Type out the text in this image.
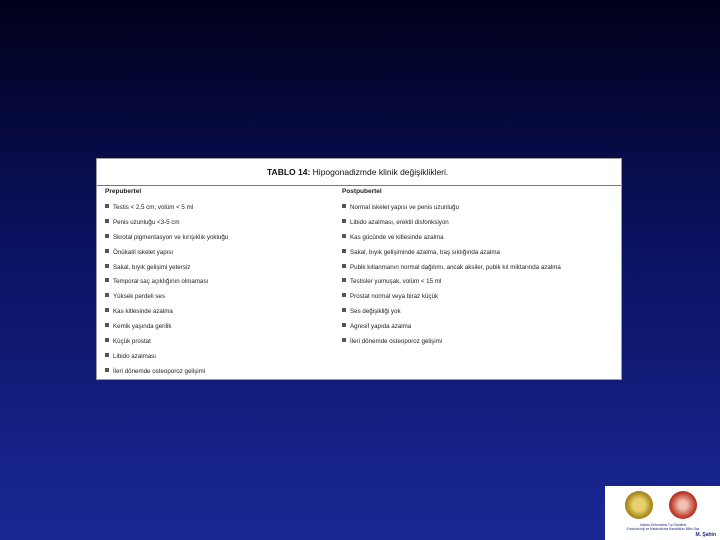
TABLO 14: Hipogonadizmde klinik değişiklikleri.
Prepubertel
Testis < 2,5 cm; volüm < 5 ml
Penis uzunluğu <3-5 cm
Skrotal pigmentasyon ve kırışıklık yokluğu
Önükatil iskelet yapısı
Sakal, bıyık gelişimi yetersiz
Temporal saç açıklığının olmaması
Yüksek perdeli ses
Kas kitlesinde azalma
Kemik yaşında gerilik
Küçük prostat
Libido azalması
İleri dönemde osteoporoz gelişimi
Postpubertel
Normal iskelet yapısı ve penis uzunluğu
Libido azalması, erektil disfonksiyon
Kas gücünde ve kitlesinde azalma
Sakal, bıyık gelişiminde azalma, traş sıklığında azalma
Pubik kıllanmanın normal dağılımı, ancak aksiler, pubik kıl miktarında azalma
Testisler yumuşak, volüm < 15 ml
Prostat normal veya biraz küçük
Ses değişikliği yok
Agresif yapıda azalma
İleri dönemde osteoporoz gelişimi
Ankara Üniversitesi Tıp Fakültesi
Endokrinoloji ve Metabolizma Hastalıkları Bilim Dalı
M. Şahin
